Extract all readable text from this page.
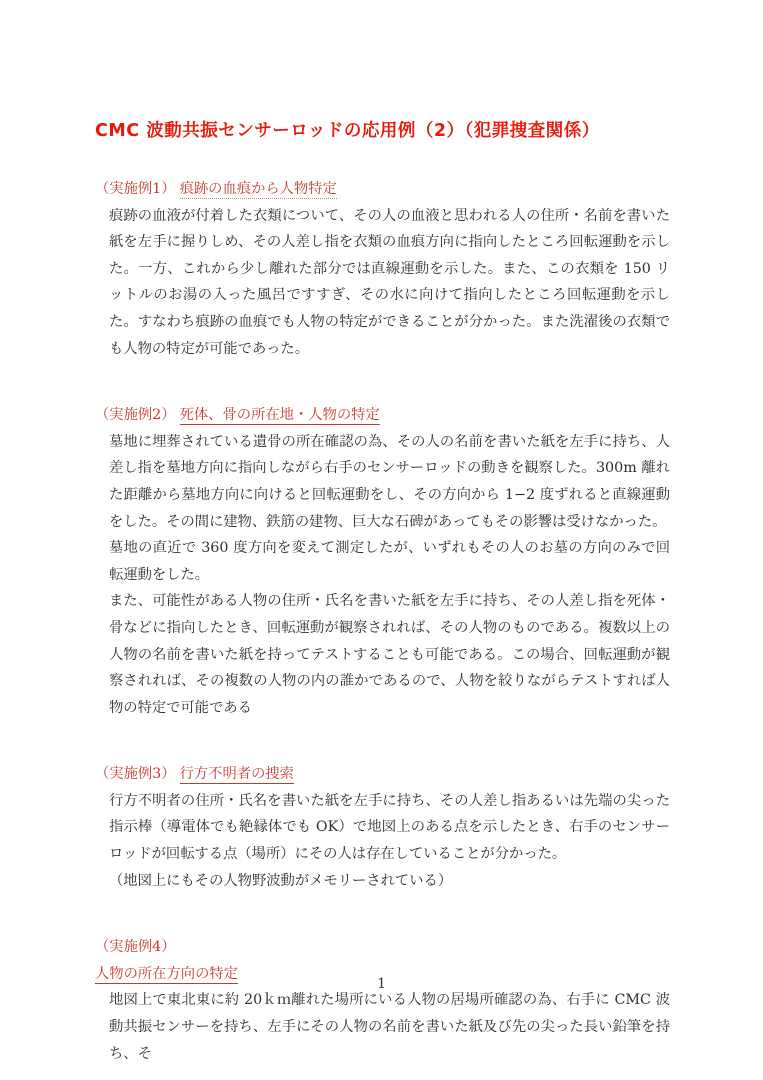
CMC 波動共振センサーロッドの応用例（2）（犯罪捜査関係）
（実施例1） 痕跡の血痕から人物特定

痕跡の血液が付着した衣類について、その人の血液と思われる人の住所・名前を書いた紙を左手に握りしめ、その人差し指を衣類の血痕方向に指向したところ回転運動を示した。一方、これから少し離れた部分では直線運動を示した。また、この衣類を 150 リットルのお湯の入った風呂ですすぎ、その水に向けて指向したところ回転運動を示した。すなわち痕跡の血痕でも人物の特定ができることが分かった。また洗濯後の衣類でも人物の特定が可能であった。

（実施例2） 死体、骨の所在地・人物の特定

墓地に埋葬されている遺骨の所在確認の為、その人の名前を書いた紙を左手に持ち、人差し指を墓地方向に指向しながら右手のセンサーロッドの動きを観察した。300m 離れた距離から墓地方向に向けると回転運動をし、その方向から 1−2 度ずれると直線運動をした。その間に建物、鉄筋の建物、巨大な石碑があってもその影響は受けなかった。

墓地の直近で 360 度方向を変えて測定したが、いずれもその人のお墓の方向のみで回転運動をした。

また、可能性がある人物の住所・氏名を書いた紙を左手に持ち、その人差し指を死体・骨などに指向したとき、回転運動が観察されれば、その人物のものである。複数以上の人物の名前を書いた紙を持ってテストすることも可能である。この場合、回転運動が観察されれば、その複数の人物の内の誰かであるので、人物を絞りながらテストすれば人物の特定で可能である

（実施例3） 行方不明者の捜索

行方不明者の住所・氏名を書いた紙を左手に持ち、その人差し指あるいは先端の尖った指示棒（導電体でも絶縁体でも OK）で地図上のある点を示したとき、右手のセンサーロッドが回転する点（場所）にその人は存在していることが分かった。

（地図上にもその人物野波動がメモリーされている）

（実施例4）
人物の所在方向の特定

地図上で東北東に約 20ｋｍ離れた場所にいる人物の居場所確認の為、右手に CMC 波動共振センサーを持ち、左手にその人物の名前を書いた紙及び先の尖った長い鉛筆を持ち、そ

1
